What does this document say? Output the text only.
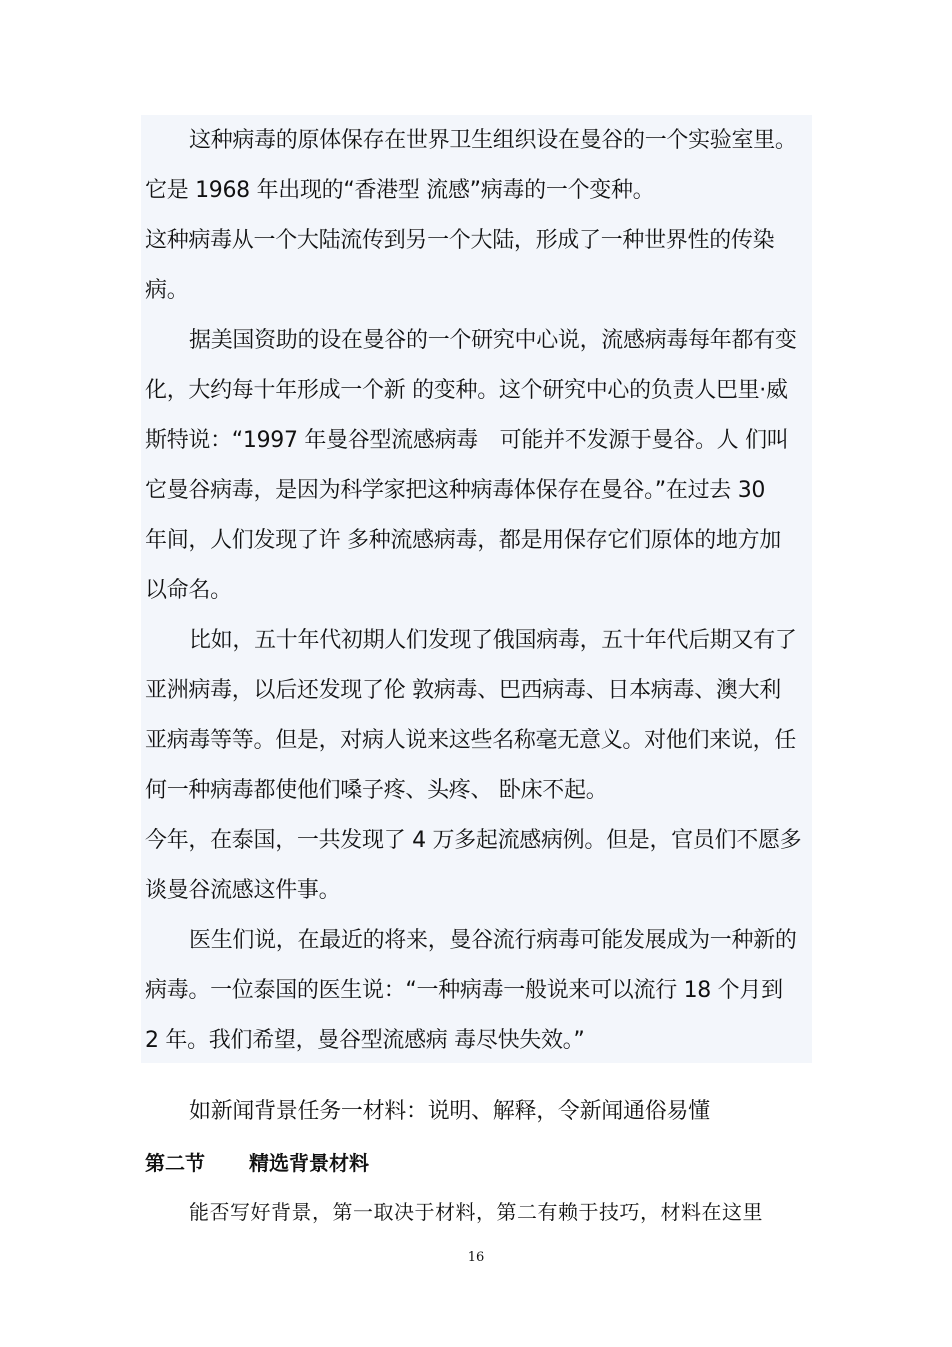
这种病毒的原体保存在世界卫生组织设在曼谷的一个实验室里。
它是 1968 年出现的“香港型 流感”病毒的一个变种。
这种病毒从一个大陆流传到另一个大陆，形成了一种世界性的传染
病。
据美国资助的设在曼谷的一个研究中心说，流感病毒每年都有变
化，大约每十年形成一个新 的变种。这个研究中心的负责人巴里·威
斯特说：“1997 年曼谷型流感病毒　可能并不发源于曼谷。人 们叫
它曼谷病毒，是因为科学家把这种病毒体保存在曼谷。”在过去 30
年间，人们发现了许 多种流感病毒，都是用保存它们原体的地方加
以命名。
比如，五十年代初期人们发现了俄国病毒，五十年代后期又有了
亚洲病毒，以后还发现了伦 敦病毒、巴西病毒、日本病毒、澳大利
亚病毒等等。但是，对病人说来这些名称毫无意义。对他们来说，任
何一种病毒都使他们嗓子疼、头疼、 卧床不起。
今年，在泰国，一共发现了 4 万多起流感病例。但是，官员们不愿多
谈曼谷流感这件事。
医生们说，在最近的将来，曼谷流行病毒可能发展成为一种新的
病毒。一位泰国的医生说：“一种病毒一般说来可以流行 18 个月到
2 年。我们希望，曼谷型流感病 毒尽快失效。”
如新闻背景任务一材料：说明、解释，令新闻通俗易懂
第二节 精选背景材料
能否写好背景，第一取决于材料，第二有赖于技巧，材料在这里
16
